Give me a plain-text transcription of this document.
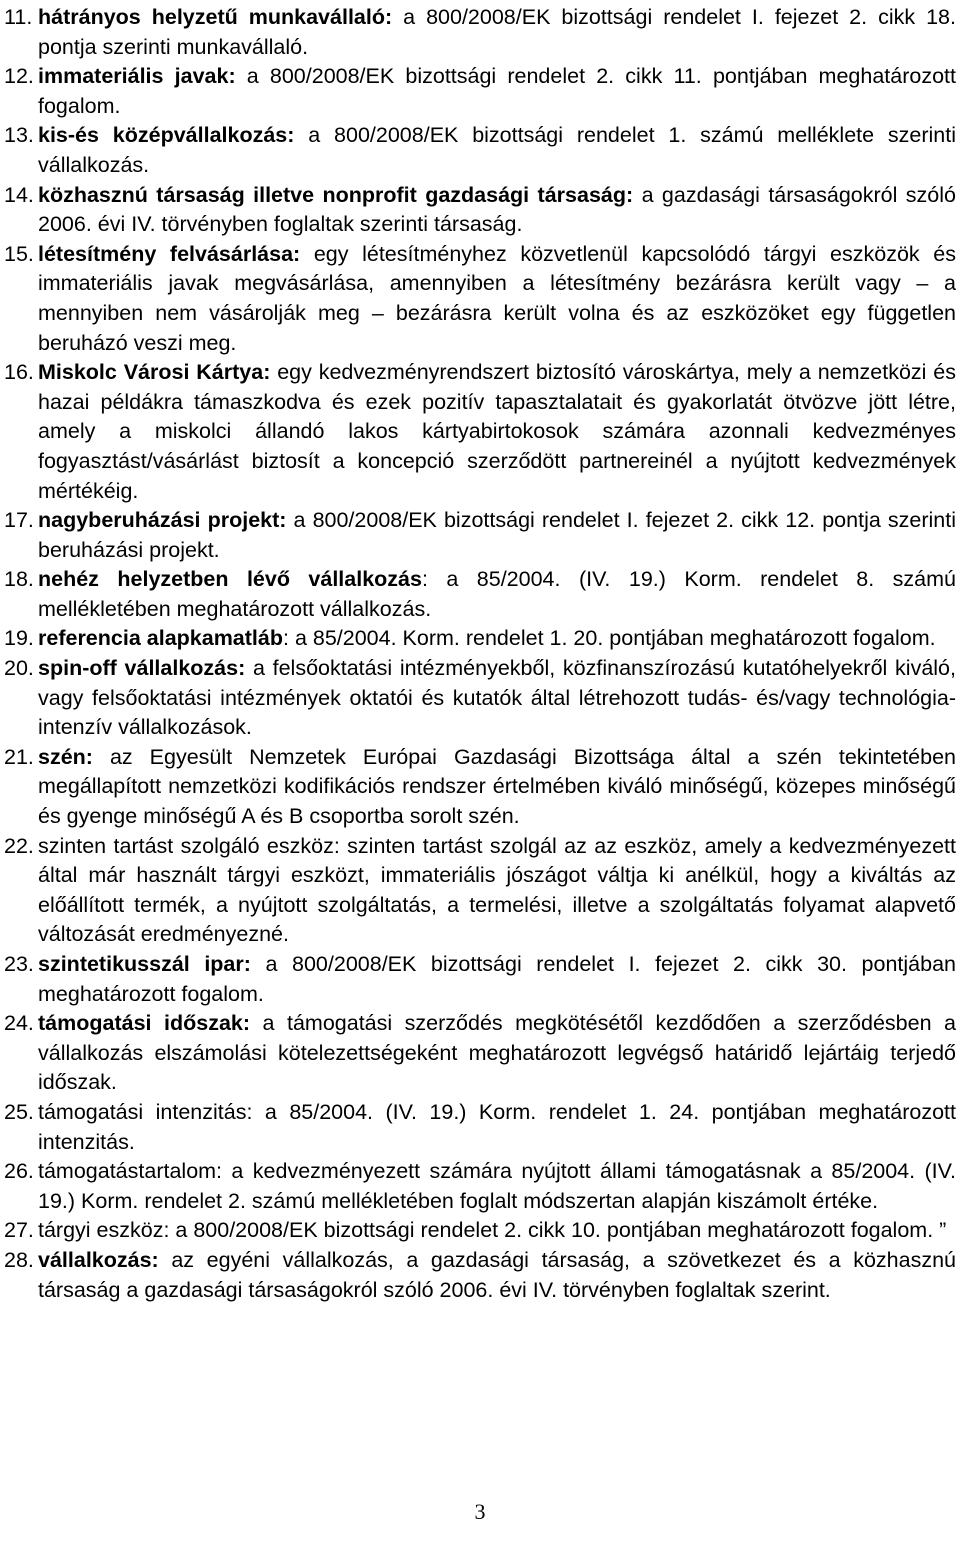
11. hátrányos helyzetű munkavállaló: a 800/2008/EK bizottsági rendelet I. fejezet 2. cikk 18. pontja szerinti munkavállaló.
12. immateriális javak: a 800/2008/EK bizottsági rendelet 2. cikk 11. pontjában meghatározott fogalom.
13. kis-és középvállalkozás: a 800/2008/EK bizottsági rendelet 1. számú melléklete szerinti vállalkozás.
14. közhasznú társaság illetve nonprofit gazdasági társaság: a gazdasági társaságokról szóló 2006. évi IV. törvényben foglaltak szerinti társaság.
15. létesítmény felvásárlása: egy létesítményhez közvetlenül kapcsolódó tárgyi eszközök és immateriális javak megvásárlása, amennyiben a létesítmény bezárásra került vagy – a mennyiben nem vásárolják meg – bezárásra került volna és az eszközöket egy független beruházó veszi meg.
16. Miskolc Városi Kártya: egy kedvezményrendszert biztosító városkártya, mely a nemzetközi és hazai példákra támaszkodva és ezek pozitív tapasztalatait és gyakorlatát ötvözve jött létre, amely a miskolci állandó lakos kártyabirtokosok számára azonnali kedvezményes fogyasztást/vásárlást biztosít a koncepció szerződött partnereinél a nyújtott kedvezmények mértékéig.
17. nagyberuházási projekt: a 800/2008/EK bizottsági rendelet I. fejezet 2. cikk 12. pontja szerinti beruházási projekt.
18. nehéz helyzetben lévő vállalkozás: a 85/2004. (IV. 19.) Korm. rendelet 8. számú mellékletében meghatározott vállalkozás.
19. referencia alapkamatláb: a 85/2004. Korm. rendelet 1. 20. pontjában meghatározott fogalom.
20. spin-off vállalkozás: a felsőoktatási intézményekből, közfinanszírozású kutatóhelyekről kiváló, vagy felsőoktatási intézmények oktatói és kutatók által létrehozott tudás- és/vagy technológia-intenzív vállalkozások.
21. szén: az Egyesült Nemzetek Európai Gazdasági Bizottsága által a szén tekintetében megállapított nemzetközi kodifikációs rendszer értelmében kiváló minőségű, közepes minőségű és gyenge minőségű A és B csoportba sorolt szén.
22. szinten tartást szolgáló eszköz: szinten tartást szolgál az az eszköz, amely a kedvezményezett által már használt tárgyi eszközt, immateriális jószágot váltja ki anélkül, hogy a kiváltás az előállított termék, a nyújtott szolgáltatás, a termelési, illetve a szolgáltatás folyamat alapvető változását eredményezné.
23. szintetikusszál ipar: a 800/2008/EK bizottsági rendelet I. fejezet 2. cikk 30. pontjában meghatározott fogalom.
24. támogatási időszak: a támogatási szerződés megkötésétől kezdődően a szerződésben a vállalkozás elszámolási kötelezettségeként meghatározott legvégső határidő lejártáig terjedő időszak.
25. támogatási intenzitás: a 85/2004. (IV. 19.) Korm. rendelet 1. 24. pontjában meghatározott intenzitás.
26. támogatástartalom: a kedvezményezett számára nyújtott állami támogatásnak a 85/2004. (IV. 19.) Korm. rendelet 2. számú mellékletében foglalt módszertan alapján kiszámolt értéke.
27. tárgyi eszköz: a 800/2008/EK bizottsági rendelet 2. cikk 10. pontjában meghatározott fogalom. ”
28. vállalkozás: az egyéni vállalkozás, a gazdasági társaság, a szövetkezet és a közhasznú társaság a gazdasági társaságokról szóló 2006. évi IV. törvényben foglaltak szerint.
3
